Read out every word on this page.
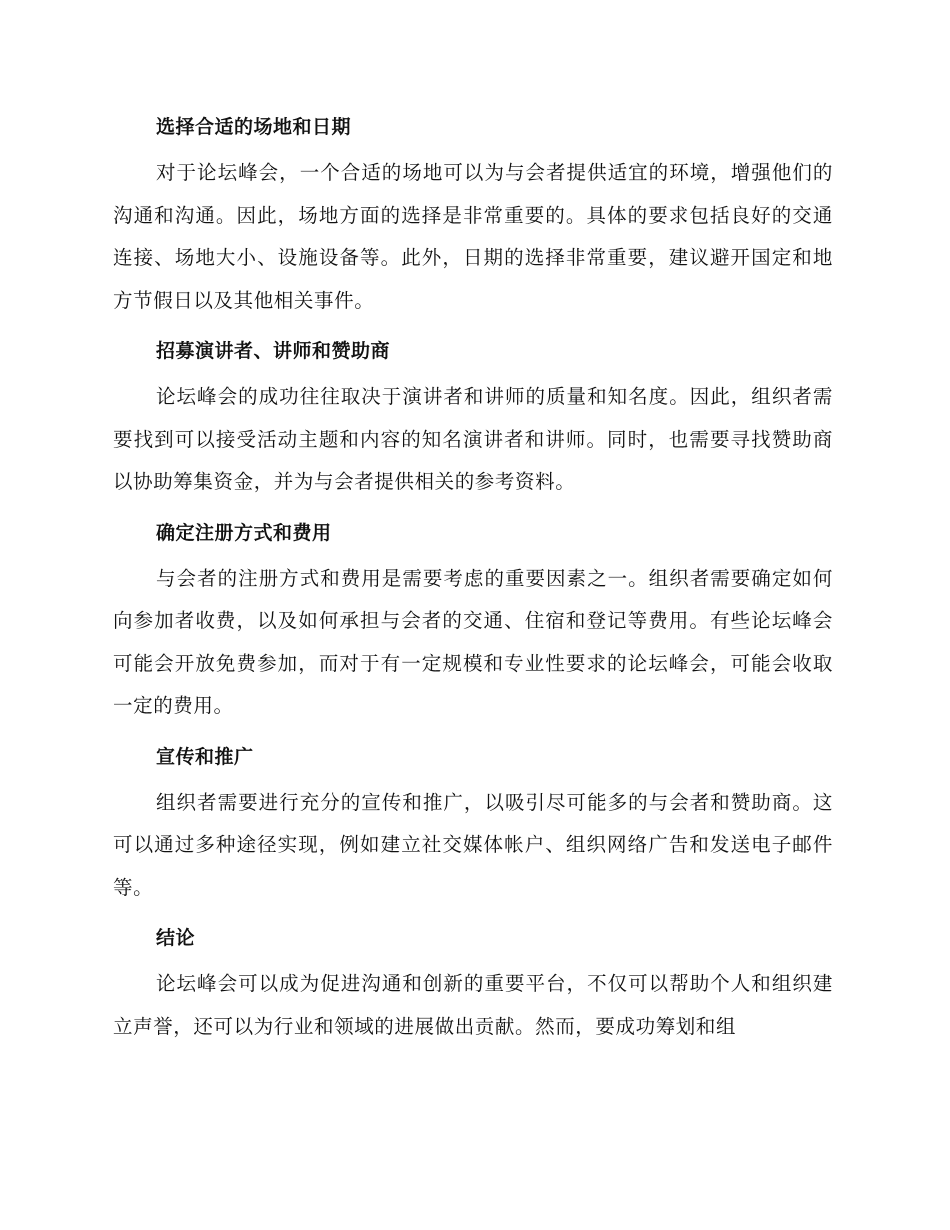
选择合适的场地和日期

对于论坛峰会，一个合适的场地可以为与会者提供适宜的环境，增强他们的沟通和沟通。因此，场地方面的选择是非常重要的。具体的要求包括良好的交通连接、场地大小、设施设备等。此外，日期的选择非常重要，建议避开国定和地方节假日以及其他相关事件。

招募演讲者、讲师和赞助商

论坛峰会的成功往往取决于演讲者和讲师的质量和知名度。因此，组织者需要找到可以接受活动主题和内容的知名演讲者和讲师。同时，也需要寻找赞助商以协助筹集资金，并为与会者提供相关的参考资料。

确定注册方式和费用

与会者的注册方式和费用是需要考虑的重要因素之一。组织者需要确定如何向参加者收费，以及如何承担与会者的交通、住宿和登记等费用。有些论坛峰会可能会开放免费参加，而对于有一定规模和专业性要求的论坛峰会，可能会收取一定的费用。

宣传和推广

组织者需要进行充分的宣传和推广，以吸引尽可能多的与会者和赞助商。这可以通过多种途径实现，例如建立社交媒体帐户、组织网络广告和发送电子邮件等。

结论

论坛峰会可以成为促进沟通和创新的重要平台，不仅可以帮助个人和组织建立声誉，还可以为行业和领域的进展做出贡献。然而，要成功筹划和组
